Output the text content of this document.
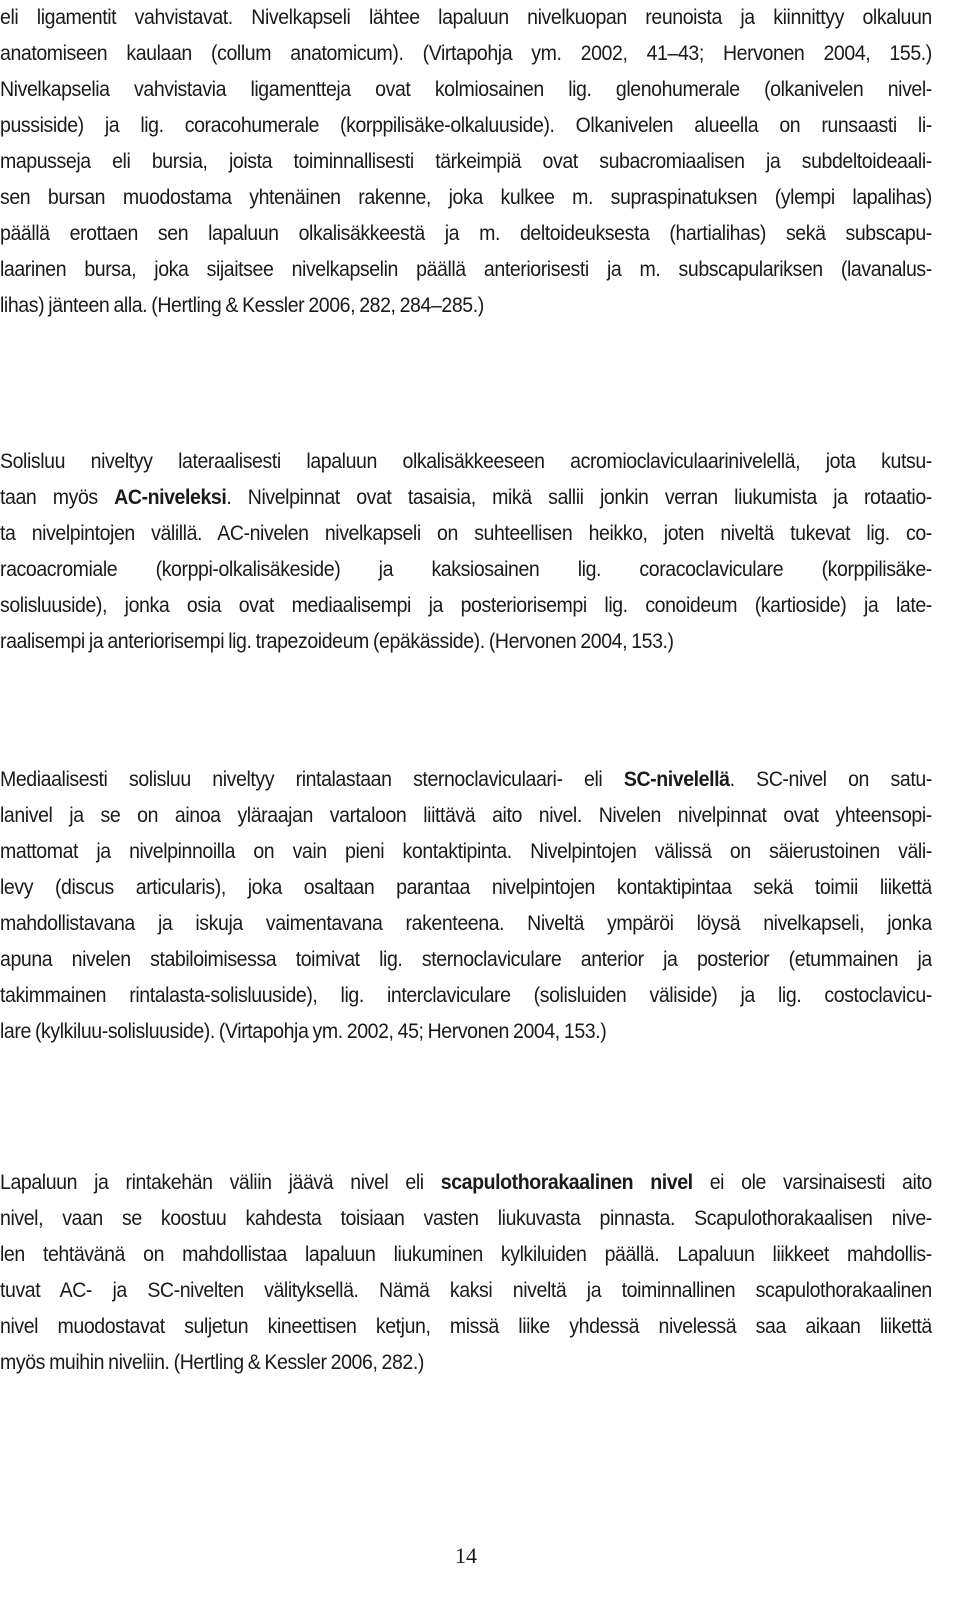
eli ligamentit vahvistavat. Nivelkapseli lähtee lapaluun nivelkuopan reunoista ja kiinnittyy olkaluun
anatomiseen kaulaan (collum anatomicum). (Virtapohja ym. 2002, 41–43; Hervonen 2004, 155.)
Nivelkapselia vahvistavia ligamentteja ovat kolmiosainen lig. glenohumerale (olkanivelen nivel-
pussiside) ja lig. coracohumerale (korppilisäke-olkaluuside). Olkanivelen alueella on runsaasti li-
mapusseja eli bursia, joista toiminnallisesti tärkeimpiä ovat subacromiaalisen ja subdeltoideaali-
sen bursan muodostama yhtenäinen rakenne, joka kulkee m. supraspinatuksen (ylempi lapalihas)
päällä erottaen sen lapaluun olkalisäkkeestä ja m. deltoideuksesta (hartialihas) sekä subscapu-
laarinen bursa, joka sijaitsee nivelkapselin päällä anteriorisesti ja m. subscapulariksen (lavanalus-
lihas) jänteen alla. (Hertling & Kessler 2006, 282, 284–285.)
Solisluu niveltyy lateraalisesti lapaluun olkalisäkkeeseen acromioclaviculaarinivelellä, jota kutsu-
taan myös AC-niveleksi. Nivelpinnat ovat tasaisia, mikä sallii jonkin verran liukumista ja rotaatio-
ta nivelpintojen välillä. AC-nivelen nivelkapseli on suhteellisen heikko, joten niveltä tukevat lig. co-
racoacromiale (korppi-olkalisäkeside) ja kaksiosainen lig. coracoclaviculare (korppilisäke-
solisluuside), jonka osia ovat mediaalisempi ja posteriorisempi lig. conoideum (kartioside) ja late-
raalisempi ja anteriorisempi lig. trapezoideum (epäkässide). (Hervonen 2004, 153.)
Mediaalisesti solisluu niveltyy rintalastaan sternoclaviculaari- eli SC-nivelellä. SC-nivel on satu-
lanivel ja se on ainoa yläraajan vartaloon liittävä aito nivel. Nivelen nivelpinnat ovat yhteensopi-
mattomat ja nivelpinnoilla on vain pieni kontaktipinta. Nivelpintojen välissä on säierustoinen väli-
levy (discus articularis), joka osaltaan parantaa nivelpintojen kontaktipintaa sekä toimii liikettä
mahdollistavana ja iskuja vaimentavana rakenteena. Niveltä ympäröi löysä nivelkapseli, jonka
apuna nivelen stabiloimisessa toimivat lig. sternoclaviculare anterior ja posterior (etummainen ja
takimmainen rintalasta-solisluuside), lig. interclaviculare (solisluiden väliside) ja lig. costoclavicu-
lare (kylkiluu-solisluuside). (Virtapohja ym. 2002, 45; Hervonen 2004, 153.)
Lapaluun ja rintakehän väliin jäävä nivel eli scapulothorakaalinen nivel ei ole varsinaisesti aito
nivel, vaan se koostuu kahdesta toisiaan vasten liukuvasta pinnasta. Scapulothorakaalisen nive-
len tehtävänä on mahdollistaa lapaluun liukuminen kylkiluiden päällä. Lapaluun liikkeet mahdollis-
tuvat AC- ja SC-nivelten välityksellä. Nämä kaksi niveltä ja toiminnallinen scapulothorakaalinen
nivel muodostavat suljetun kineettisen ketjun, missä liike yhdessä nivelessä saa aikaan liikettä
myös muihin niveliin. (Hertling & Kessler 2006, 282.)
14
